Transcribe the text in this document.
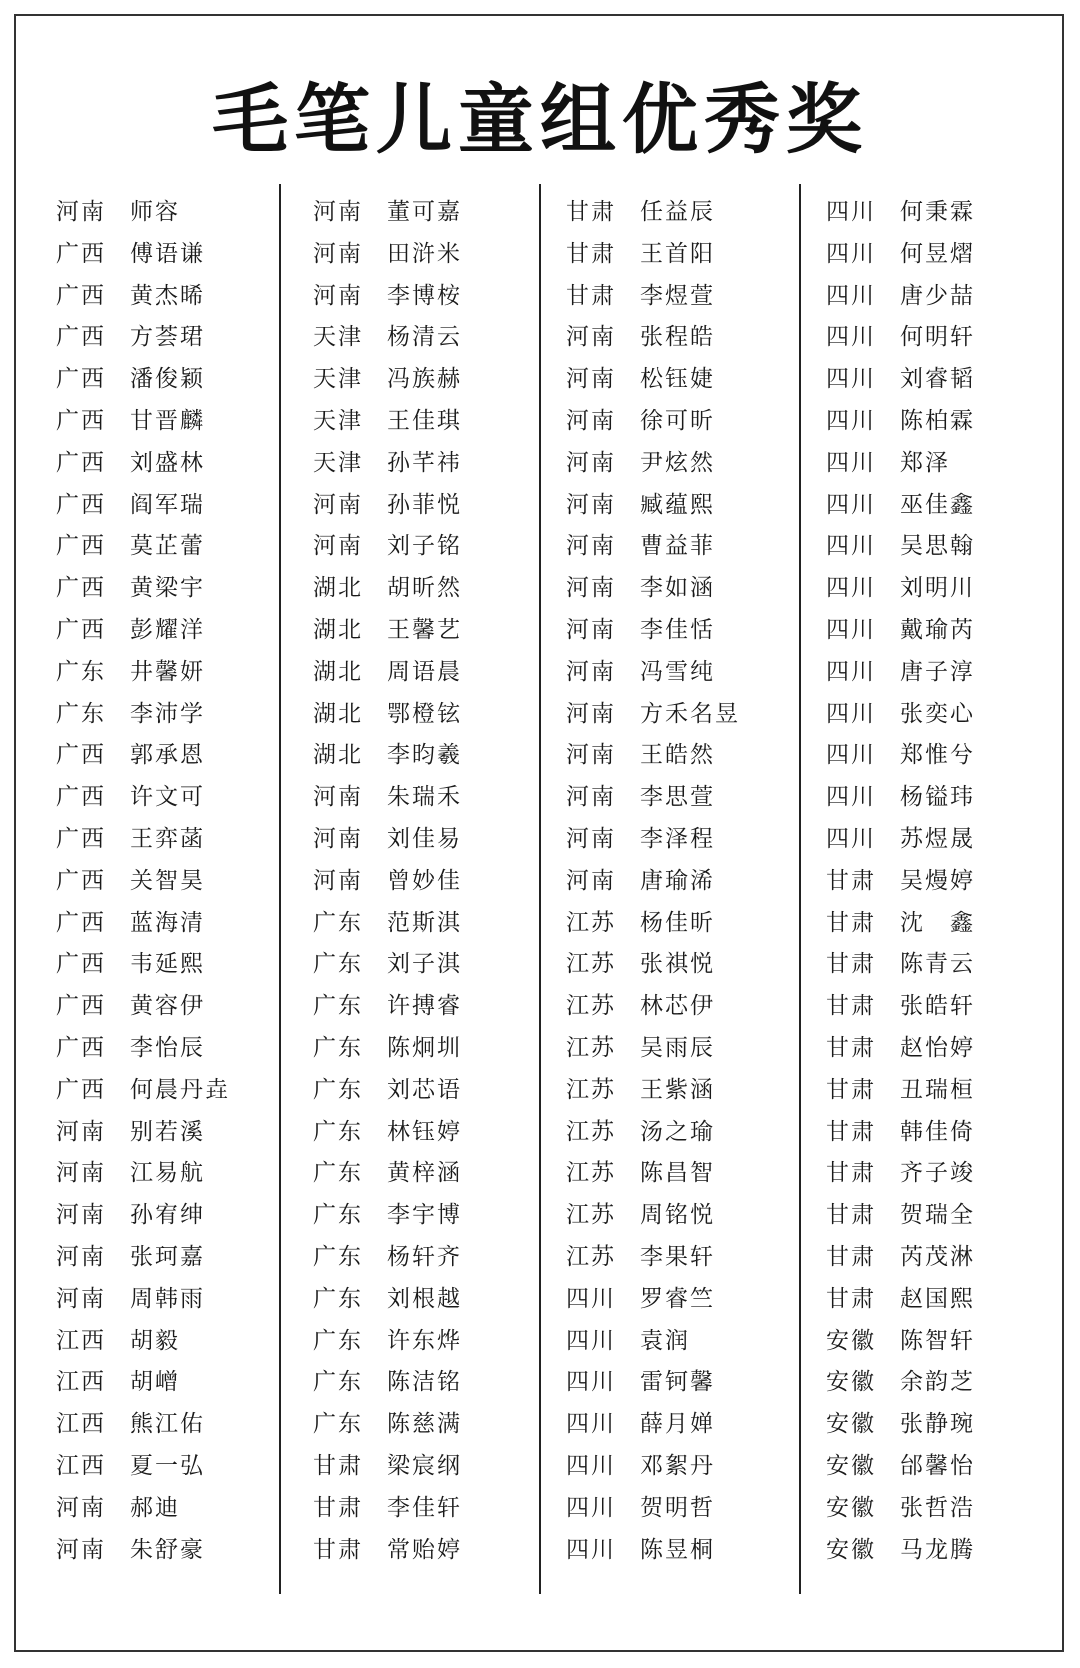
毛笔儿童组优秀奖
河南	师容
广西	傅语谦
广西	黄杰晞
广西	方荟珺
广西	潘俊颖
广西	甘晋麟
广西	刘盛林
广西	阎军瑞
广西	莫芷蕾
广西	黄梁宇
广西	彭耀洋
广东	井馨妍
广东	李沛学
广西	郭承恩
广西	许文可
广西	王弈菡
广西	关智昊
广西	蓝海清
广西	韦延熙
广西	黄容伊
广西	李怡辰
广西	何晨丹垚
河南	别若溪
河南	江易航
河南	孙宥绅
河南	张珂嘉
河南	周韩雨
江西	胡毅
江西	胡嶒
江西	熊江佑
江西	夏一弘
河南	郝迪
河南	朱舒豪
河南	董可嘉
河南	田浒米
河南	李博桉
天津	杨清云
天津	冯族赫
天津	王佳琪
天津	孙芊祎
河南	孙菲悦
河南	刘子铭
湖北	胡昕然
湖北	王馨艺
湖北	周语晨
湖北	鄂橙铉
湖北	李昀羲
河南	朱瑞禾
河南	刘佳易
河南	曾妙佳
广东	范斯淇
广东	刘子淇
广东	许搏睿
广东	陈炯圳
广东	刘芯语
广东	林钰婷
广东	黄梓涵
广东	李宇博
广东	杨轩齐
广东	刘根越
广东	许东烨
广东	陈洁铭
广东	陈慈满
甘肃	梁宸纲
甘肃	李佳轩
甘肃	常贻婷
甘肃	任益辰
甘肃	王首阳
甘肃	李煜萱
河南	张程皓
河南	松钰婕
河南	徐可昕
河南	尹炫然
河南	臧蕴熙
河南	曹益菲
河南	李如涵
河南	李佳恬
河南	冯雪纯
河南	方禾名昱
河南	王皓然
河南	李思萱
河南	李泽程
河南	唐瑜浠
江苏	杨佳昕
江苏	张祺悦
江苏	林芯伊
江苏	吴雨辰
江苏	王紫涵
江苏	汤之瑜
江苏	陈昌智
江苏	周铭悦
江苏	李果轩
四川	罗睿竺
四川	袁润
四川	雷钶馨
四川	薛月婵
四川	邓絮丹
四川	贺明哲
四川	陈昱桐
四川	何秉霖
四川	何昱熠
四川	唐少喆
四川	何明轩
四川	刘睿韬
四川	陈柏霖
四川	郑泽
四川	巫佳鑫
四川	吴思翰
四川	刘明川
四川	戴瑜芮
四川	唐子淳
四川	张奕心
四川	郑惟兮
四川	杨镒玮
四川	苏煜晟
甘肃	吴熳婷
甘肃	沈　鑫
甘肃	陈青云
甘肃	张皓轩
甘肃	赵怡婷
甘肃	丑瑞桓
甘肃	韩佳倚
甘肃	齐子竣
甘肃	贺瑞全
甘肃	芮茂淋
甘肃	赵国熙
安徽	陈智轩
安徽	余韵芝
安徽	张静琬
安徽	邰馨怡
安徽	张哲浩
安徽	马龙腾
